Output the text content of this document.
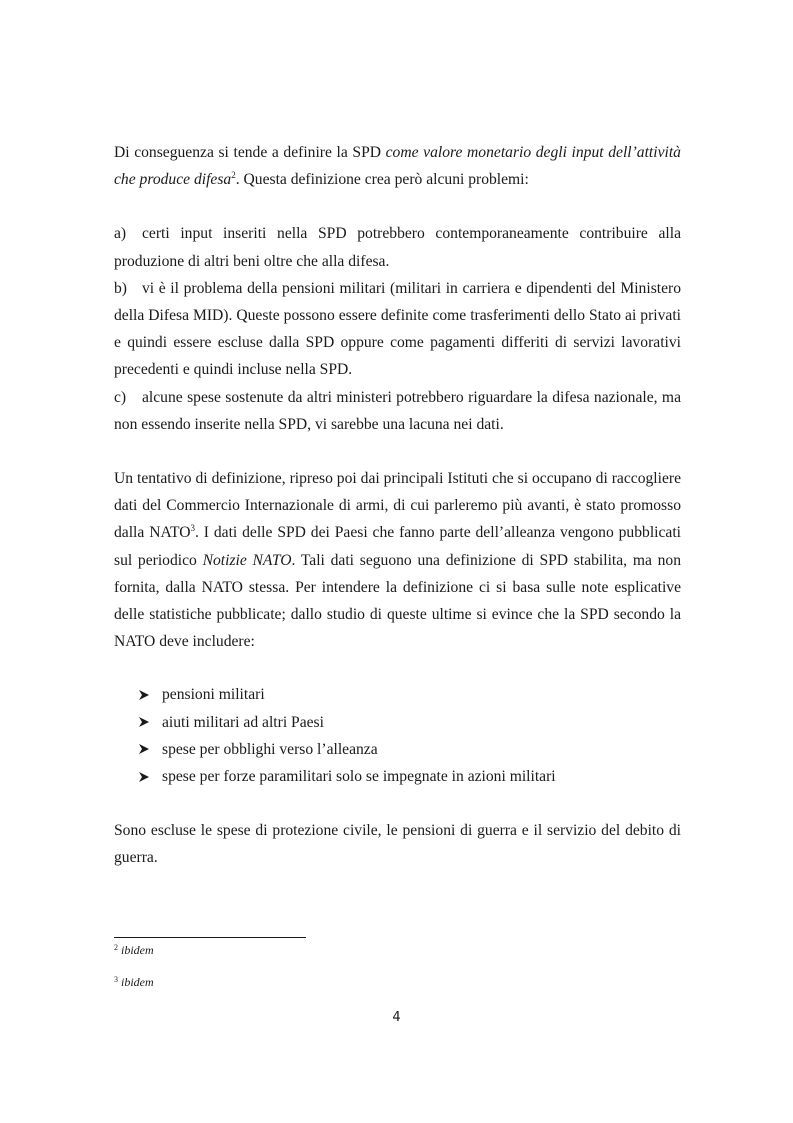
Di conseguenza si tende a definire la SPD come valore monetario degli input dell’attività che produce difesa$^2$. Questa definizione crea però alcuni problemi:

a) certi input inseriti nella SPD potrebbero contemporaneamente contribuire alla produzione di altri beni oltre che alla difesa.

b) vi è il problema della pensioni militari (militari in carriera e dipendenti del Ministero della Difesa MID). Queste possono essere definite come trasferimenti dello Stato ai privati e quindi essere escluse dalla SPD oppure come pagamenti differiti di servizi lavorativi precedenti e quindi incluse nella SPD.

c) alcune spese sostenute da altri ministeri potrebbero riguardare la difesa nazionale, ma non essendo inserite nella SPD, vi sarebbe una lacuna nei dati.

Un tentativo di definizione, ripreso poi dai principali Istituti che si occupano di raccogliere dati del Commercio Internazionale di armi, di cui parleremo più avanti, è stato promosso dalla NATO$^3$. I dati delle SPD dei Paesi che fanno parte dell’alleanza vengono pubblicati sul periodico Notizie NATO. Tali dati seguono una definizione di SPD stabilita, ma non fornita, dalla NATO stessa. Per intendere la definizione ci si basa sulle note esplicative delle statistiche pubblicate; dallo studio di queste ultime si evince che la SPD secondo la NATO deve includere:

pensioni militari
aiuti militari ad altri Paesi
spese per obblighi verso l’alleanza
spese per forze paramilitari solo se impegnate in azioni militari

Sono escluse le spese di protezione civile, le pensioni di guerra e il servizio del debito di guerra.

$^2$ ibidem
$^3$ ibidem
4
